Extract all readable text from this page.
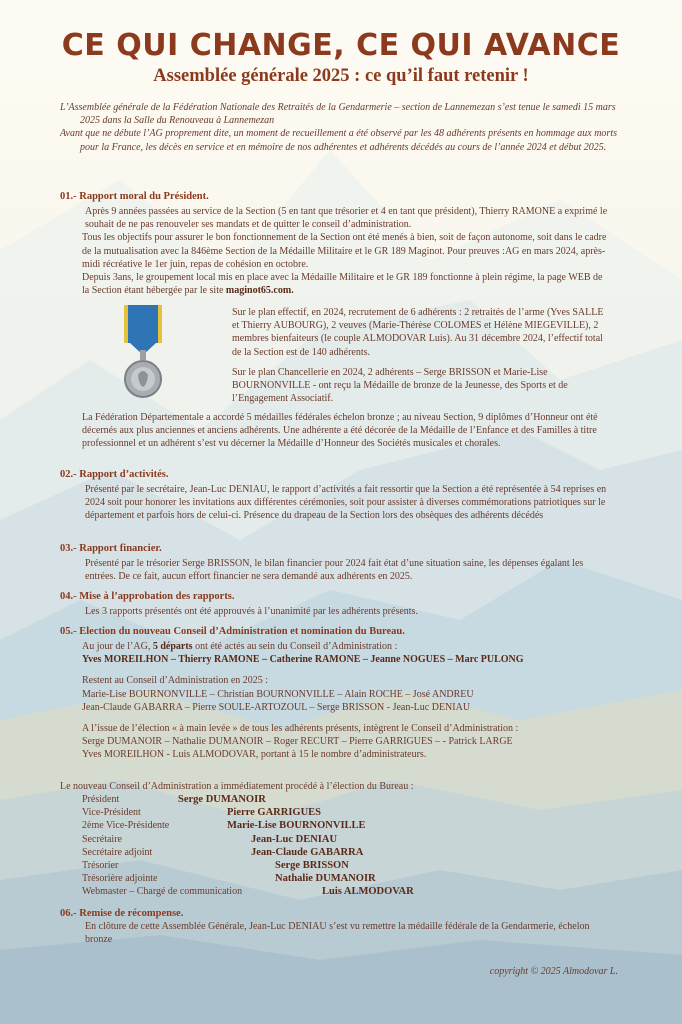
CE QUI CHANGE, CE QUI AVANCE
Assemblée générale 2025 : ce qu’il faut retenir !

L’Assemblée générale de la Fédération Nationale des Retraités de la Gendarmerie – section de Lannemezan s’est tenue le samedi 15 mars 2025 dans la Salle du Renouveau à Lannemezan

Avant que ne débute l’AG proprement dite, un moment de recueillement a été observé par les 48 adhérents présents en hommage aux morts pour la France, les décès en service et en mémoire de nos adhérentes et adhérents décédés au cours de l’année 2024 et début 2025.

01.- Rapport moral du Président.

Après 9 années passées au service de la Section (5 en tant que trésorier et 4 en tant que président), Thierry RAMONE a exprimé le souhait de ne pas renouveler ses mandats et de quitter le conseil d’administration.

Tous les objectifs pour assurer le bon fonctionnement de la Section ont été menés à bien, soit de façon autonome, soit dans le cadre de la mutualisation avec la 846ème Section de la Médaille Militaire et le GR 189 Maginot. Pour preuves :AG en mars 2024, après-midi récréative le 1er juin, repas de cohésion en octobre.

Depuis 3ans, le groupement local mis en place avec la Médaille Militaire et le GR 189 fonctionne à plein régime, la page WEB de la Section étant hébergée par le site maginot65.com.

Sur le plan effectif, en 2024, recrutement de 6 adhérents : 2 retraités de l’arme (Yves SALLE et Thierry AUBOURG), 2 veuves (Marie-Thérèse COLOMES et Hélène MIEGEVILLE), 2 membres bienfaiteurs (le couple ALMODOVAR Luis). Au 31 décembre 2024, l’effectif total de la Section est de 140 adhérents.

Sur le plan Chancellerie en 2024, 2 adhérents – Serge BRISSON et Marie-Lise BOURNONVILLE - ont reçu la Médaille de bronze de la Jeunesse, des Sports et de l’Engagement Associatif.

La Fédération Départementale a accordé 5 médailles fédérales échelon bronze ; au niveau Section, 9 diplômes d’Honneur ont été décernés aux plus anciennes et anciens adhérents. Une adhérente a été décorée de la Médaille de l’Enfance et des Familles à titre professionnel et un adhérent s’est vu décerner la Médaille d’Honneur des Sociétés musicales et chorales.

02.- Rapport d’activités.

Présenté par le secrétaire, Jean-Luc DENIAU, le rapport d’activités a fait ressortir que la Section a été représentée à 54 reprises en 2024 soit pour honorer les invitations aux différentes cérémonies, soit pour assister à diverses commémorations patriotiques sur le département et parfois hors de celui-ci. Présence du drapeau de la Section lors des obsèques des adhérents décédés

03.- Rapport financier.

Présenté par le trésorier Serge BRISSON, le bilan financier pour 2024 fait état d’une situation saine, les dépenses égalant les entrées. De ce fait, aucun effort financier ne sera demandé aux adhérents en 2025.

04.- Mise à l’approbation des rapports.

Les 3 rapports présentés ont été approuvés à l’unanimité par les adhérents présents.

05.- Election du nouveau Conseil d’Administration et nomination du Bureau.

Au jour de l’AG, 5 départs ont été actés au sein du Conseil d’Administration :

Yves MOREILHON – Thierry RAMONE – Catherine RAMONE – Jeanne NOGUES – Marc PULONG

Restent au Conseil d’Administration en 2025 :

Marie-Lise BOURNONVILLE – Christian BOURNONVILLE – Alain ROCHE – José ANDREU

Jean-Claude GABARRA – Pierre SOULE-ARTOZOUL – Serge BRISSON - Jean-Luc DENIAU

A l’issue de l’élection « à main levée » de tous les adhérents présents, intègrent le Conseil d’Administration :

Serge DUMANOIR – Nathalie DUMANOIR – Roger RECURT – Pierre GARRIGUES – - Patrick LARGE

Yves MOREILHON - Luis ALMODOVAR, portant à 15 le nombre d’administrateurs.

Le nouveau Conseil d’Administration a immédiatement procédé à l’élection du Bureau :
Président	Serge DUMANOIR
Vice-Président	Pierre GARRIGUES
2ème Vice-Présidente	Marie-Lise BOURNONVILLE
Secrétaire	Jean-Luc DENIAU
Secrétaire adjoint	Jean-Claude GABARRA
Trésorier	Serge BRISSON
Trésorière adjointe	Nathalie DUMANOIR
Webmaster – Chargé de communication	Luis ALMODOVAR
06.- Remise de récompense.

En clôture de cette Assemblée Générale, Jean-Luc DENIAU s’est vu remettre la médaille fédérale de la Gendarmerie, échelon bronze

copyright © 2025 Almodovar L.
